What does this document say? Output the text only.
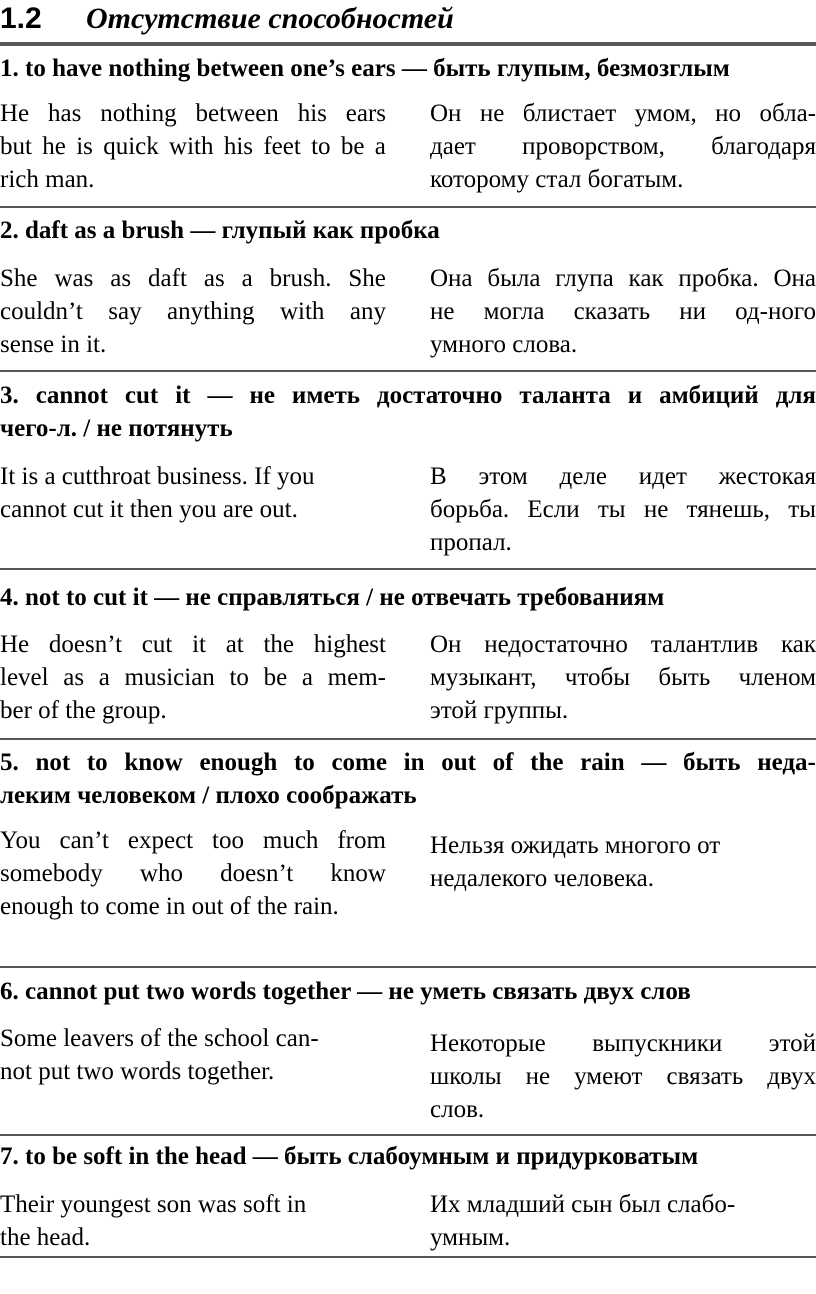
1.2 Отсутствие способностей
1. to have nothing between one’s ears — быть глупым, безмозглым
He has nothing between his ears
but he is quick with his feet to be a
rich man.
Он не блистает умом, но обла-
дает проворством, благодаря
которому стал богатым.
2. daft as a brush — глупый как пробка
She was as daft as a brush. She
couldn’t say anything with any
sense in it.
Она была глупа как пробка. Она
не могла сказать ни од-ного
умного слова.
3. cannot cut it — не иметь достаточно таланта и амбиций для
чего-л. / не потянуть
It is a cutthroat business. If you
cannot cut it then you are out.
В этом деле идет жестокая
борьба. Если ты не тянешь, ты
пропал.
4. not to cut it — не справляться / не отвечать требованиям
He doesn’t cut it at the highest
level as a musician to be a mem-
ber of the group.
Он недостаточно талантлив как
музыкант, чтобы быть членом
этой группы.
5. not to know enough to come in out of the rain — быть неда-
леким человеком / плохо соображать
You can’t expect too much from
somebody who doesn’t know
enough to come in out of the rain.
Нельзя ожидать многого от
недалекого человека.
6. cannot put two words together — не уметь связать двух слов
Some leavers of the school can-
not put two words together.
Некоторые выпускники этой
школы не умеют связать двух
слов.
7. to be soft in the head — быть слабоумным и придурковатым
Their youngest son was soft in
the head.
Их младший сын был слабо-
умным.
